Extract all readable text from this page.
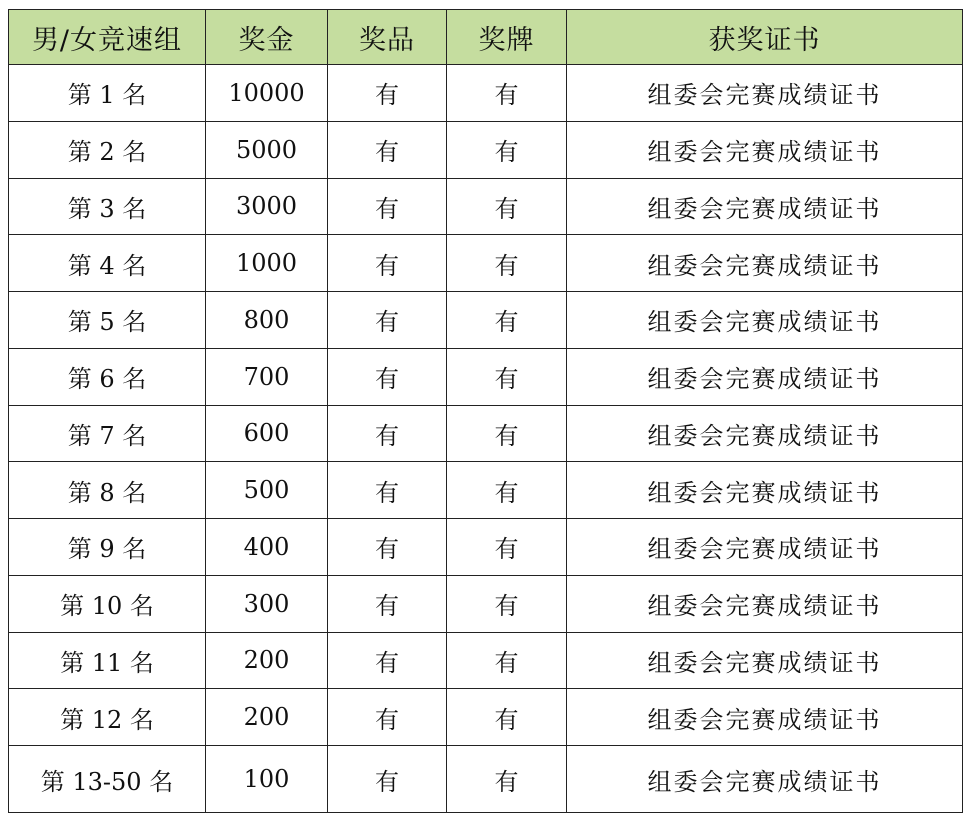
男/女竞速组	奖金	奖品	奖牌	获奖证书
第 1 名	10000	有	有	组委会完赛成绩证书
第 2 名	5000	有	有	组委会完赛成绩证书
第 3 名	3000	有	有	组委会完赛成绩证书
第 4 名	1000	有	有	组委会完赛成绩证书
第 5 名	800	有	有	组委会完赛成绩证书
第 6 名	700	有	有	组委会完赛成绩证书
第 7 名	600	有	有	组委会完赛成绩证书
第 8 名	500	有	有	组委会完赛成绩证书
第 9 名	400	有	有	组委会完赛成绩证书
第 10 名	300	有	有	组委会完赛成绩证书
第 11 名	200	有	有	组委会完赛成绩证书
第 12 名	200	有	有	组委会完赛成绩证书
第 13-50 名	100	有	有	组委会完赛成绩证书
